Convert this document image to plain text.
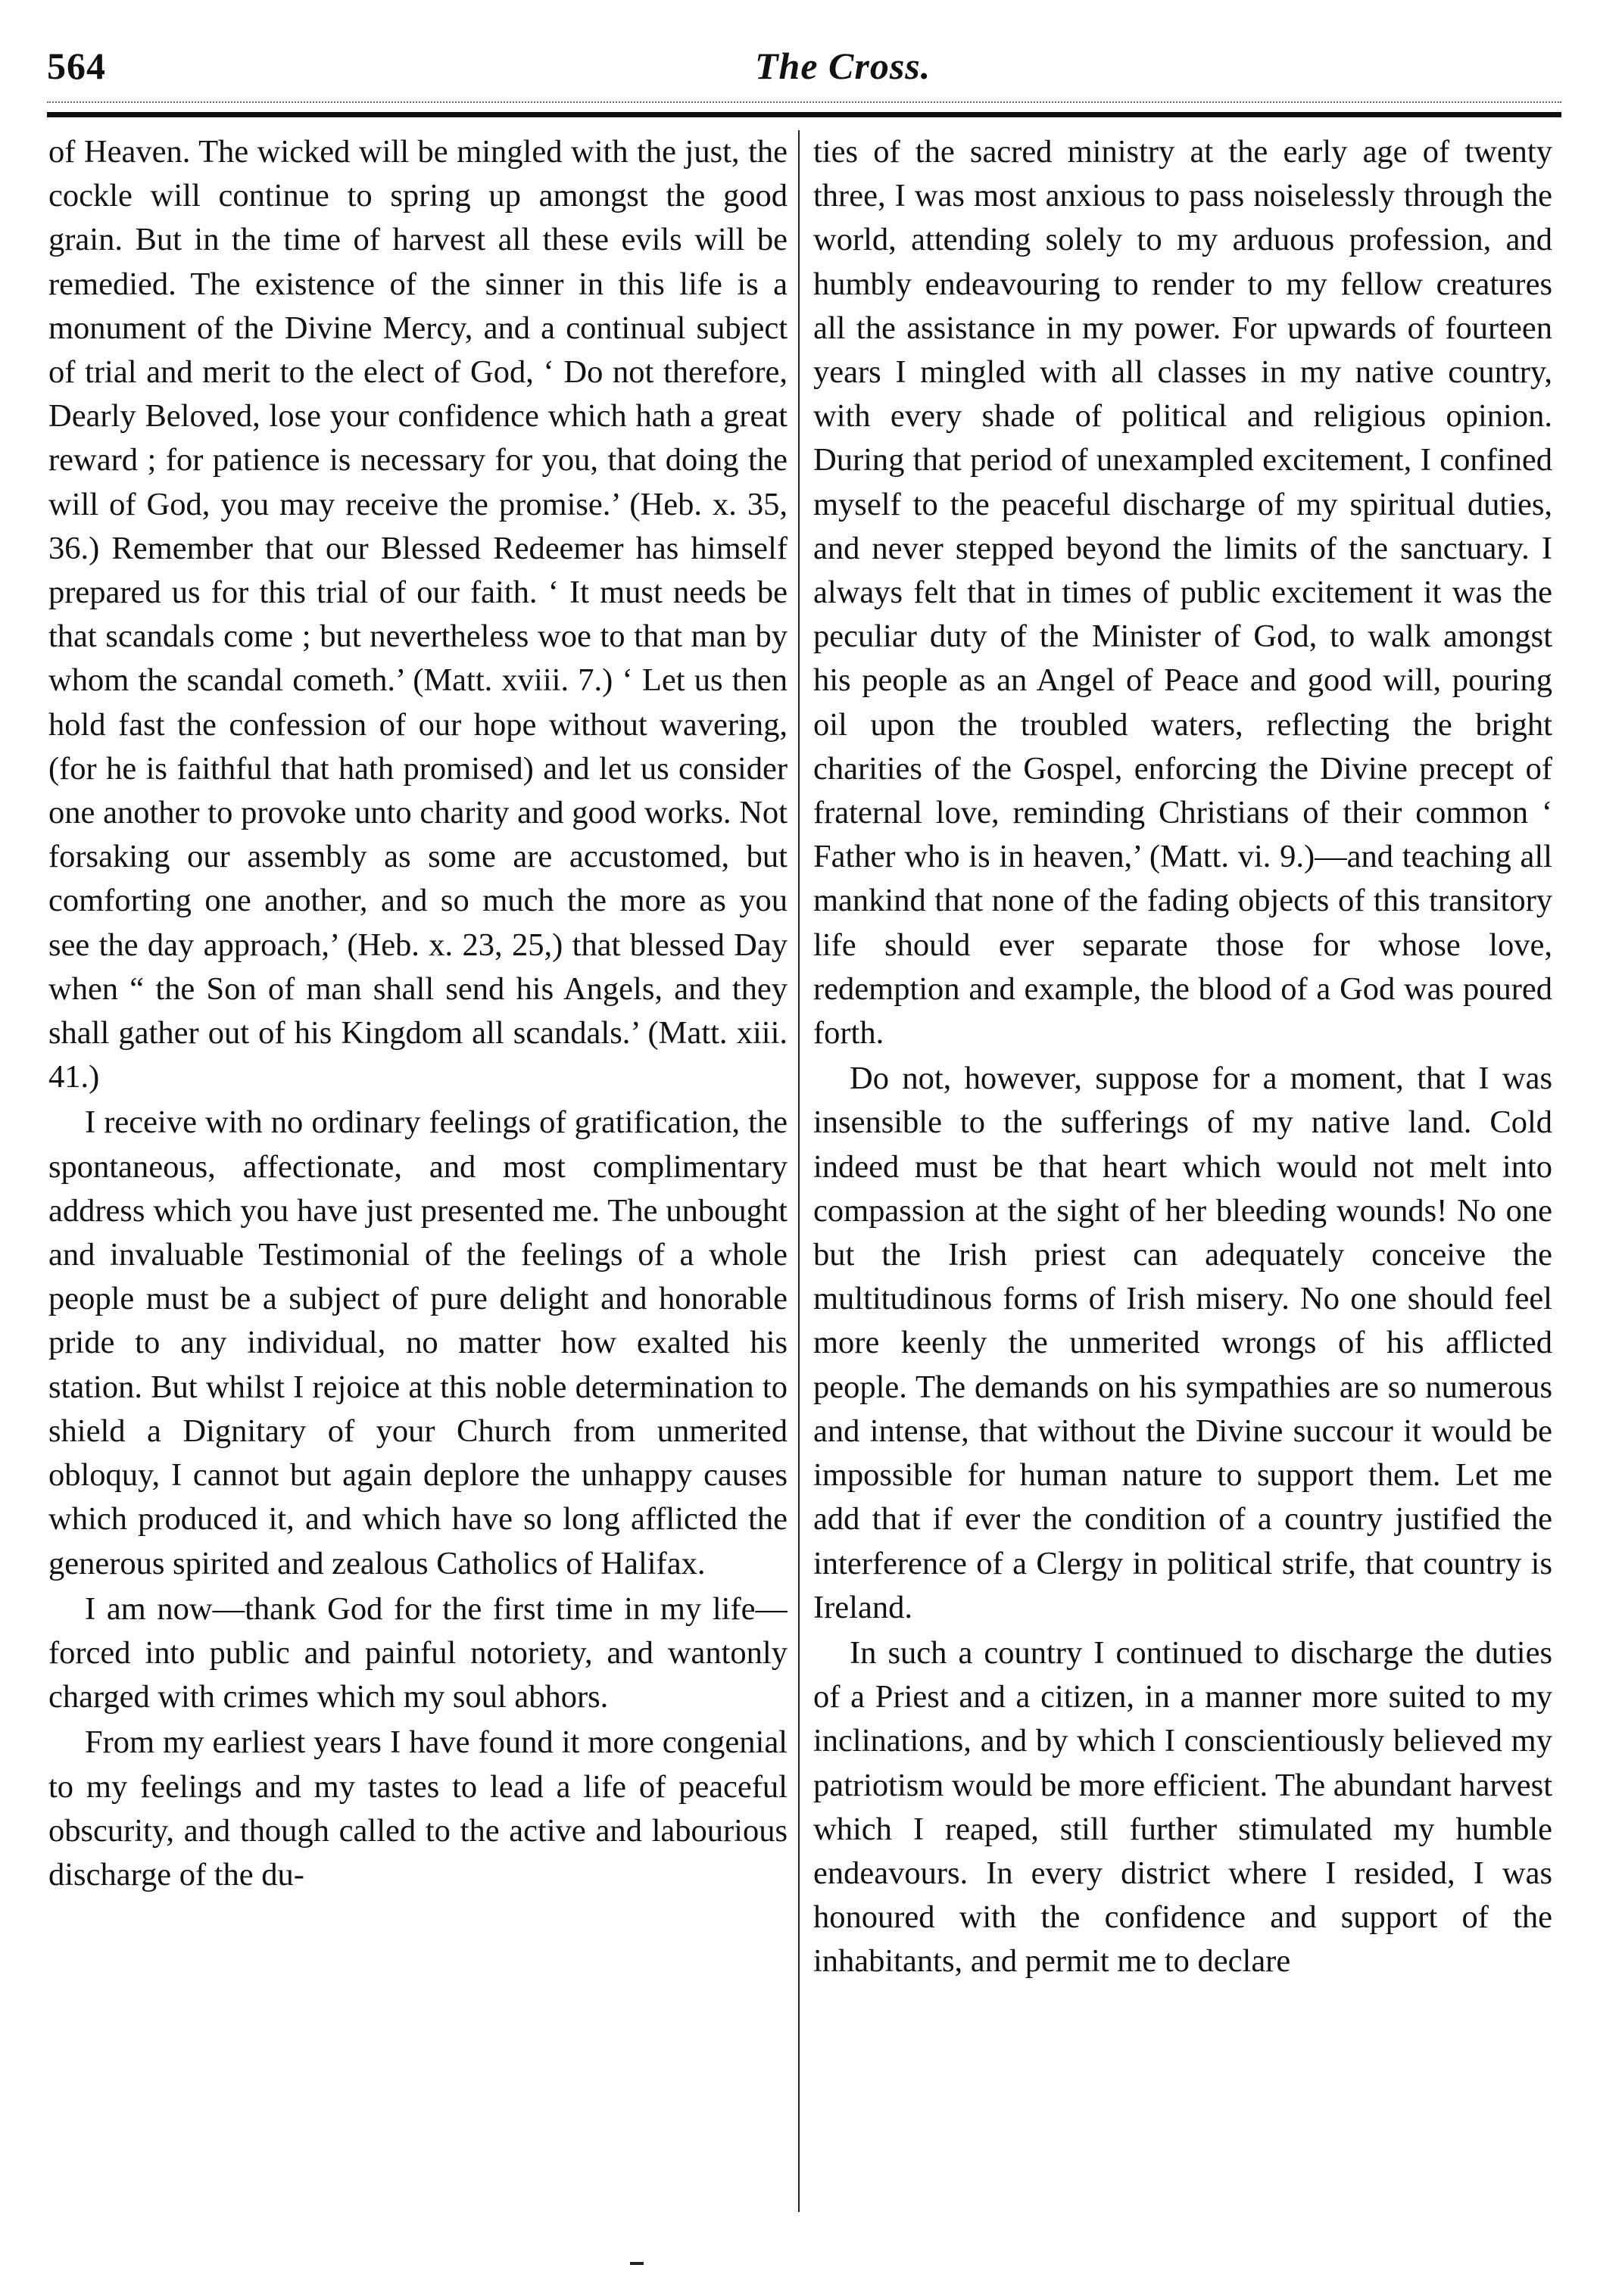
564	The Cross.

of Heaven. The wicked will be mingled with the just, the cockle will continue to spring up amongst the good grain. But in the time of harvest all these evils will be remedied. The existence of the sinner in this life is a monument of the Divine Mercy, and a continual subject of trial and merit to the elect of God, ‘ Do not therefore, Dearly Beloved, lose your confidence which hath a great reward ; for patience is necessary for you, that doing the will of God, you may receive the promise.’ (Heb. x. 35, 36.) Remember that our Blessed Redeemer has himself prepared us for this trial of our faith. ‘ It must needs be that scandals come ; but nevertheless woe to that man by whom the scandal cometh.’ (Matt. xviii. 7.) ‘ Let us then hold fast the confession of our hope without wavering, (for he is faithful that hath promised) and let us consider one another to provoke unto charity and good works. Not forsaking our assembly as some are accustomed, but comforting one another, and so much the more as you see the day approach,’ (Heb. x. 23, 25,) that blessed Day when “ the Son of man shall send his Angels, and they shall gather out of his Kingdom all scandals.’ (Matt. xiii. 41.)

I receive with no ordinary feelings of gratification, the spontaneous, affectionate, and most complimentary address which you have just presented me. The unbought and invaluable Testimonial of the feelings of a whole people must be a subject of pure delight and honorable pride to any individual, no matter how exalted his station. But whilst I rejoice at this noble determination to shield a Dignitary of your Church from unmerited obloquy, I cannot but again deplore the unhappy causes which produced it, and which have so long afflicted the generous spirited and zealous Catholics of Halifax.

I am now—thank God for the first time in my life—forced into public and painful notoriety, and wantonly charged with crimes which my soul abhors.

From my earliest years I have found it more congenial to my feelings and my tastes to lead a life of peaceful obscurity, and though called to the active and labourious discharge of the du-

ties of the sacred ministry at the early age of twenty three, I was most anxious to pass noiselessly through the world, attending solely to my arduous profession, and humbly endeavouring to render to my fellow creatures all the assistance in my power. For upwards of fourteen years I mingled with all classes in my native country, with every shade of political and religious opinion. During that period of unexampled excitement, I confined myself to the peaceful discharge of my spiritual duties, and never stepped beyond the limits of the sanctuary. I always felt that in times of public excitement it was the peculiar duty of the Minister of God, to walk amongst his people as an Angel of Peace and good will, pouring oil upon the troubled waters, reflecting the bright charities of the Gospel, enforcing the Divine precept of fraternal love, reminding Christians of their common ‘ Father who is in heaven,’ (Matt. vi. 9.)—and teaching all mankind that none of the fading objects of this transitory life should ever separate those for whose love, redemption and example, the blood of a God was poured forth.

Do not, however, suppose for a moment, that I was insensible to the sufferings of my native land. Cold indeed must be that heart which would not melt into compassion at the sight of her bleeding wounds! No one but the Irish priest can adequately conceive the multitudinous forms of Irish misery. No one should feel more keenly the unmerited wrongs of his afflicted people. The demands on his sympathies are so numerous and intense, that without the Divine succour it would be impossible for human nature to support them. Let me add that if ever the condition of a country justified the interference of a Clergy in political strife, that country is Ireland.

In such a country I continued to discharge the duties of a Priest and a citizen, in a manner more suited to my inclinations, and by which I conscientiously believed my patriotism would be more efficient. The abundant harvest which I reaped, still further stimulated my humble endeavours. In every district where I resided, I was honoured with the confidence and support of the inhabitants, and permit me to declare
